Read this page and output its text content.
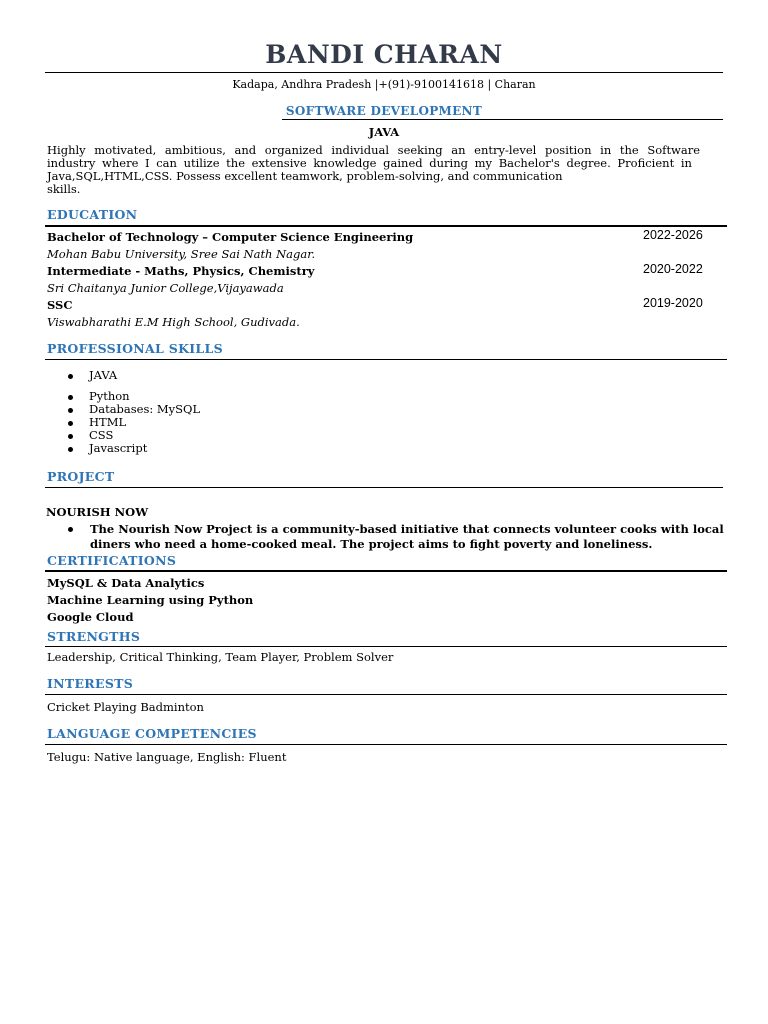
BANDI CHARAN
Kadapa, Andhra Pradesh |+(91)-9100141618 | Charan
SOFTWARE DEVELOPMENT
JAVA
Highly motivated, ambitious, and organized individual seeking an entry-level position in the Software
industry where I can utilize the extensive knowledge gained during my Bachelor's degree. Proficient in
Java,SQL,HTML,CSS. Possess excellent teamwork, problem-solving, and communication
skills.
EDUCATION
Bachelor of Technology – Computer Science Engineering	2022-2026
Mohan Babu University, Sree Sai Nath Nagar.
Intermediate - Maths, Physics, Chemistry	2020-2022
Sri Chaitanya Junior College,Vijayawada
SSC	2019-2020
Viswabharathi E.M High School, Gudivada.
PROFESSIONAL SKILLS
JAVA
Python
Databases: MySQL
HTML
CSS
Javascript
PROJECT
NOURISH NOW
The Nourish Now Project is a community-based initiative that connects volunteer cooks with local
diners who need a home-cooked meal. The project aims to fight poverty and loneliness.
CERTIFICATIONS
MySQL & Data Analytics
Machine Learning using Python
Google Cloud
STRENGTHS
Leadership, Critical Thinking, Team Player, Problem Solver
INTERESTS
Cricket Playing Badminton
LANGUAGE COMPETENCIES
Telugu: Native language, English: Fluent
